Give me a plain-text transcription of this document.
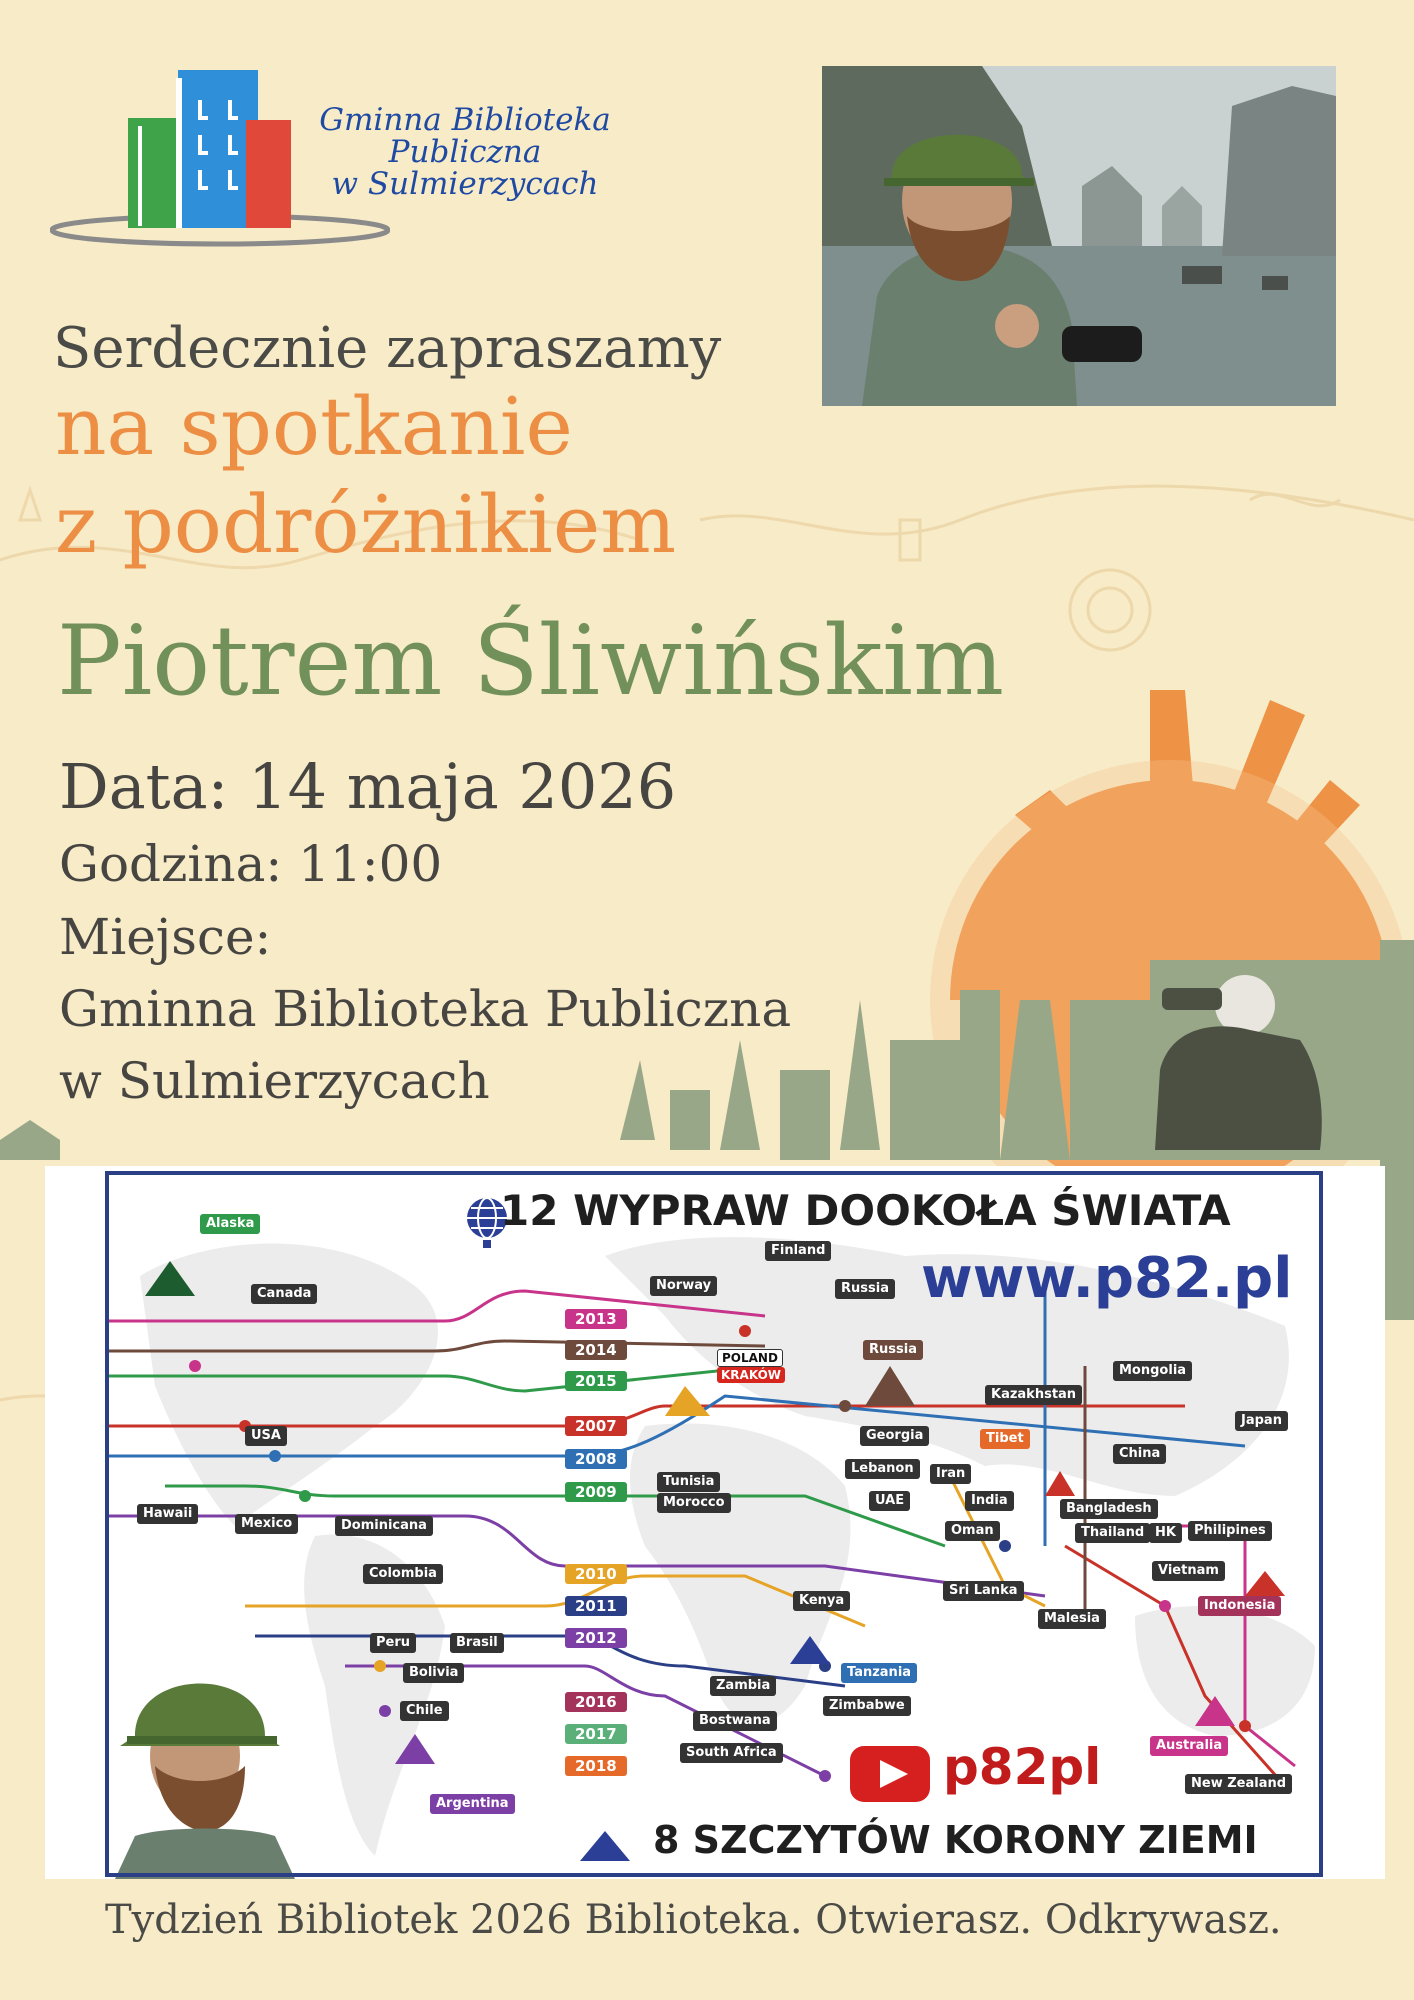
Gminna Biblioteka
Publiczna
w Sulmierzycach

Serdecznie zapraszamy

na spotkanie

z podróżnikiem

Piotrem Śliwińskim

Data: 14 maja 2026

Godzina: 11:00

Miejsce:

Gminna Biblioteka Publiczna

w Sulmierzycach

12 WYPRAW DOOKOŁA ŚWIATA
www.p82.pl
p82pl
8 SZCZYTÓW KORONY ZIEMI
2013
2014
2015
2007
2008
2009
2010
2011
2012
2016
2017
2018
Alaska
Canada
USA
Hawaii
Mexico	Dominicana
Colombia
Peru	Brasil
Bolivia
Chile
Argentina
Finland
Norway	Russia
POLAND
KRAKÓW
Russia
Mongolia
Kazakhstan
Japan
Georgia	Tibet
China
Lebanon	Iran
Tunisia
Morocco	India
UAE
Bangladesh
Oman	Thailand HK	Philipines
Vietnam
Sri Lanka
Malesia
Indonesia
Kenya
Tanzania
Zambia
Zimbabwe
Bostwana
South Africa	Australia
New Zealand

Tydzień Bibliotek 2026 Biblioteka. Otwierasz. Odkrywasz.
